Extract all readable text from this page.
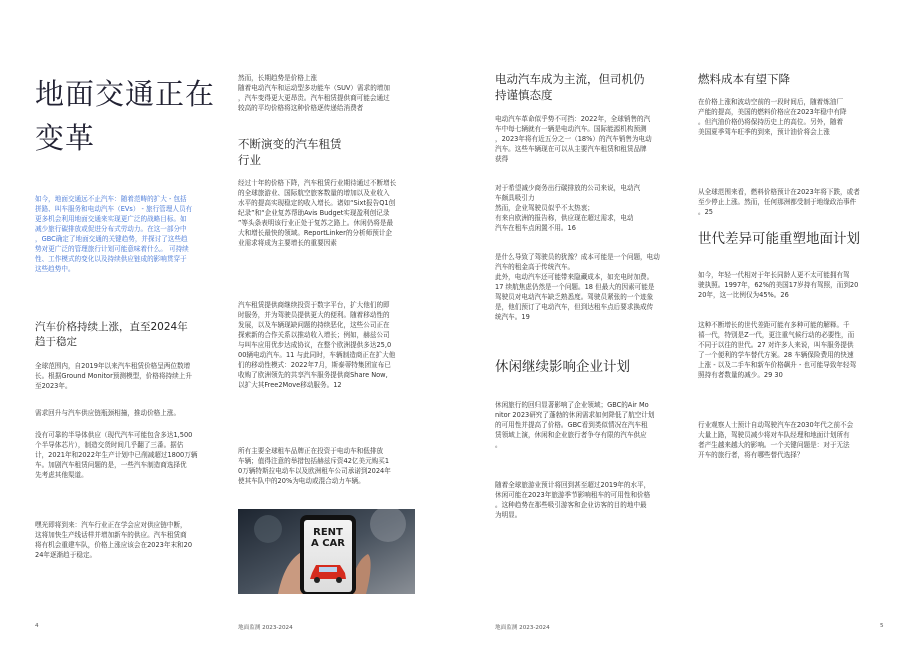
地面交通正在
变革
如今，地面交通远不止汽车：随着范畴的扩大 - 包括
拼路、叫车服务和电动汽车（EVs） - 旅行管理人员有
更多机会利用地面交通来实现更广泛的战略目标。如
减少旅行碳排放或促进分布式劳动力。在这一部分中
，GBC确定了地面交通的关键趋势，并探讨了这些趋
势对更广泛的管理旅行计划可能意味着什么。 可持续
性、工作模式的变化以及持续供应链成的影响贯穿于
这些趋势中。
汽车价格持续上涨，直至2024年
趋于稳定
全球范围内，自2019年以来汽车租赁价格呈两位数增
长。根据Ground Monitor预测模型，价格将持续上升
至2023年。
需求回升与汽车供应链瓶颈相撞，推动价格上涨。
没有可靠的半导体供应（现代汽车可能包含多达1,500
个半导体芯片），制造交货时间几乎翻了三番。据估
计，2021年和2022年生产计划中已削减超过1800万辆
车。加剧汽车租赁问题的是，一些汽车制造商选择优
先考虑其他渠道。
嘿光即将到来：汽车行业正在学会应对供应链中断，
这将加快生产线话样并增加新车的供应。汽车租赁商
将有机会重建车队，价格上涨应该会在2023年末和20
24年逐渐趋于稳定。
然而，长期趋势是价格上涨
随着电动汽车和运动型多功能车（SUV）需求的增加
，汽车变得更大更昂贵。汽车租赁提供商可能会通过
较高的平均价格将这种价格逐传递给消费者
不断演变的汽车租赁
行业
经过十年的价格下降，汽车租赁行业期待通过不断增长
的全球旅游业、国际航空旅客数量的增加以及业收入
水平的提高实现稳定的收入增长。诸如“Sixt报告Q1创
纪录”和“企业复苏帮助Avis Budget实现盈利创记录
”等头条表明该行业正处于复苏之路上。休闲仍将是最
大和增长最快的领域。ReportLinker的分析师预计企
业需求将成为主要增长的重要因素
汽车租赁提供商继续投资于数字平台，扩大他们的即
时服务，并为驾驶员提供更大的便利。随着移动性的
发展，以及车辆现缺问题的持续恶化，这些公司正在
探索新的合作关系以推动收入增长；例如，赫兹公司
与叫车应用优步达成协议，在整个欧洲提供多达25,0
00辆电动汽车。11 与此同时，车辆制造商正在扩大他
们的移动性模式：2022年7月，斯泰蒂特集团宣布已
收购了欧洲领先的共享汽车服务提供商Share Now,
以扩大其Free2Move移动服务。12
所有主要全球租车品牌正在投资于电动车和低排放
车辆；值得注意的举措包括赫兹斥资42亿美元购买1
0万辆特斯拉电动车以及欧洲租车公司承诺到2024年
使其车队中的20%为电动或混合动力车辆。
RENT
A CAR
4	地面监测 2023-2024
电动汽车成为主流，但司机仍
持谨慎态度
电动汽车革命似乎势不可挡：2022年，全球销售的汽
车中每七辆就有一辆是电动汽车。国际能源机构预测
，2023年将有近五分之一（18%）的汽车销售为电动
汽车。这些车辆现在可以从主要汽车租赁和租赁品牌
获得
对于希望减少商务出行碳排放的公司来说，电动汽
车颇具吸引力
然而，企业驾驶员似乎不太热衷；
有来自欧洲的报告称，供应现在超过需求，电动
汽车在租车点闲置不用。16
是什么导致了驾驶员的犹豫？成本可能是一个问题，电动
汽车的租金高于传统汽车。
此外，电动汽车还可能带来隐藏成本，如充电时加费。
17 续航焦虑仍然是一个问题。18 但最大的因素可能是
驾驶员对电动汽车缺乏熟悉度。驾驶员紧张的一个迹象
是，他们预订了电动汽车，但到达租车点后要求换成传
统汽车。19
休闲继续影响企业计划
休闲旅行的回归显著影响了企业领域；GBC的Air Mo
nitor 2023研究了蓬勃的休闲需求如何降低了航空计划
的可用性并提高了价格。GBC看到类似情况在汽车租
赁领域上演，休闲和企业旅行者争夺有限的汽车供应
。
随着全球旅游业预计将回到甚至超过2019年的水平，
休闲可能在2023年旅游季节影响租车的可用性和价格
。这种趋势在那些吸引游客和企业访客的目的地中最
为明显。
燃料成本有望下降
在价格上涨和波动空前的一段时间后，随着炼油厂
产能的提高，美国的燃料价格应在2023年稳中有降
。但汽油价格仍将保持历史上的高位。另外，随着
美国夏季驾车旺季的到来，预计油价将会上涨
从全球范围来看，燃料价格预计在2023年将下跌，或者
至少停止上涨。然而，任何那洲都受制于地缘政治事件
。25
世代差异可能重塑地面计划
如今，年轻一代相对于年长同龄人更不太可能拥有驾
驶执照。1997年，62%的美国17岁持有驾照，而到20
20年，这一比例仅为45%。26
这种不断增长的世代差距可能有多种可能的解释。千
禧一代，特别是Z一代，更注重气候行动的必要性，而
不同于以往的世代。27 对许多人来说，叫车服务提供
了一个便利的学车替代方案。28 车辆保险费用的快速
上涨 - 以及二手车和新车价格飙升 - 也可能导致年轻驾
照持有者数量的减少。29 30
行业观察人士预计自动驾驶汽车在2030年代之前不会
大量上路，驾驶员减少将对车队经理和地面计划所有
者产生越来越大的影响。一个关键问题是：对于无法
开车的旅行者，将有哪些替代选择？
地面监测 2023-2024	5
